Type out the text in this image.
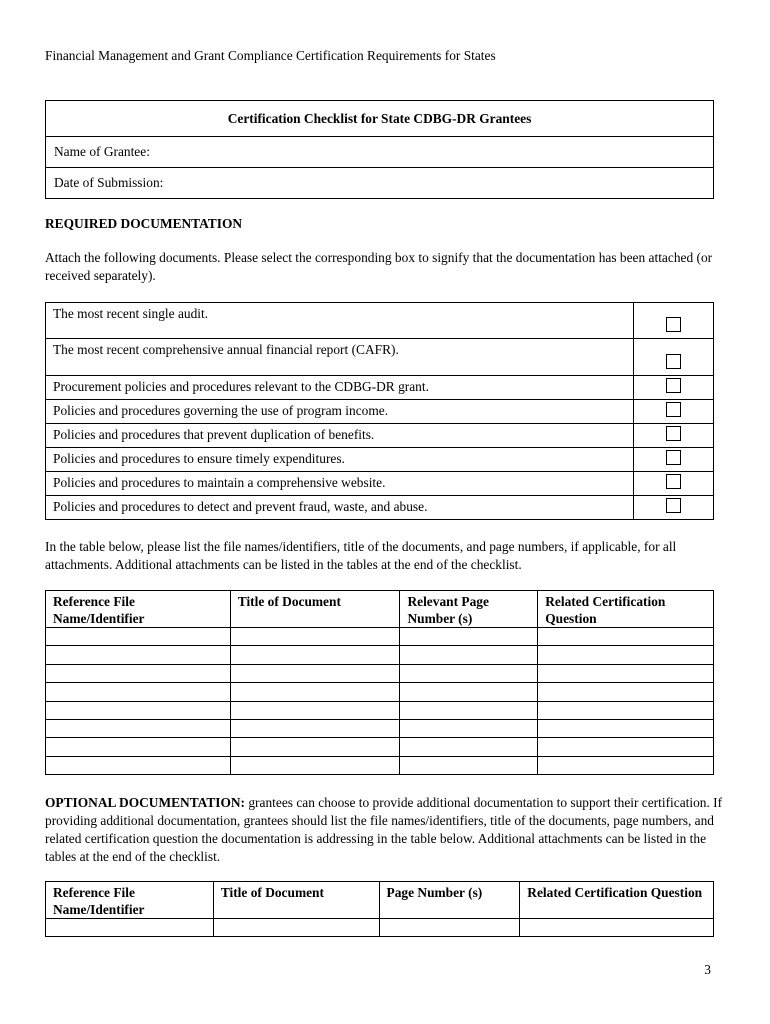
Financial Management and Grant Compliance Certification Requirements for States
Certification Checklist for State CDBG-DR Grantees
Name of Grantee:
Date of Submission:
REQUIRED DOCUMENTATION
Attach the following documents. Please select the corresponding box to signify that the documentation has been attached (or received separately).
The most recent single audit.	
The most recent comprehensive annual financial report (CAFR).	
Procurement policies and procedures relevant to the CDBG-DR grant.	
Policies and procedures governing the use of program income.	
Policies and procedures that prevent duplication of benefits.	
Policies and procedures to ensure timely expenditures.	
Policies and procedures to maintain a comprehensive website.	
Policies and procedures to detect and prevent fraud, waste, and abuse.	
In the table below, please list the file names/identifiers, title of the documents, and page numbers, if applicable, for all attachments. Additional attachments can be listed in the tables at the end of the checklist.
Reference File Name/Identifier	Title of Document	Relevant Page Number (s)	Related Certification Question

OPTIONAL DOCUMENTATION: grantees can choose to provide additional documentation to support their certification. If providing additional documentation, grantees should list the file names/identifiers, title of the documents, page numbers, and related certification question the documentation is addressing in the table below. Additional attachments can be listed in the tables at the end of the checklist.
Reference File Name/Identifier	Title of Document	Page Number (s)	Related Certification Question

3
